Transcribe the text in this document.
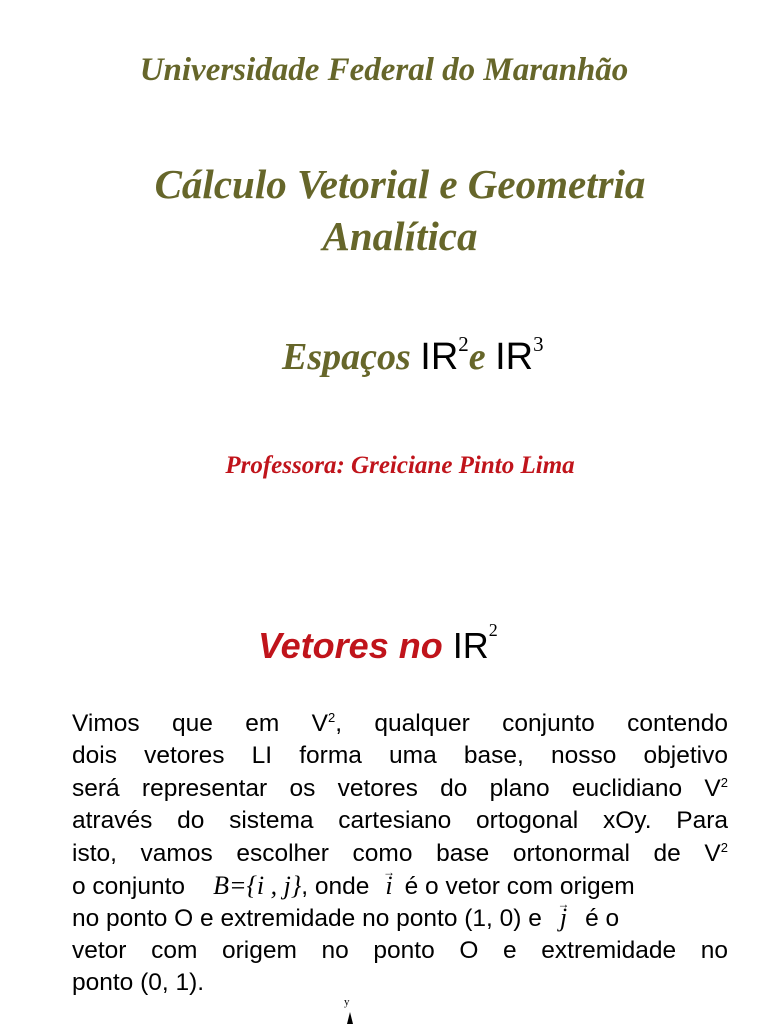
Universidade Federal do Maranhão
Cálculo Vetorial e Geometria
Analítica
Espaços $IR^2e$ $IR^3$
Professora: Greiciane Pinto Lima
Vetores no $IR^2$
Vimos que em $V^2$, qualquer conjunto contendo
dois vetores LI forma uma base, nosso objetivo
será representar os vetores do plano euclidiano $V^2$
através do sistema cartesiano ortogonal xOy. Para
isto, vamos escolher como base ortonormal de $V^2$
o conjunto B={i , j}, onde → i é o vetor com origem
no ponto O e extremidade no ponto (1, 0) e → j é o
vetor com origem no ponto O e extremidade no
ponto (0, 1).
y
